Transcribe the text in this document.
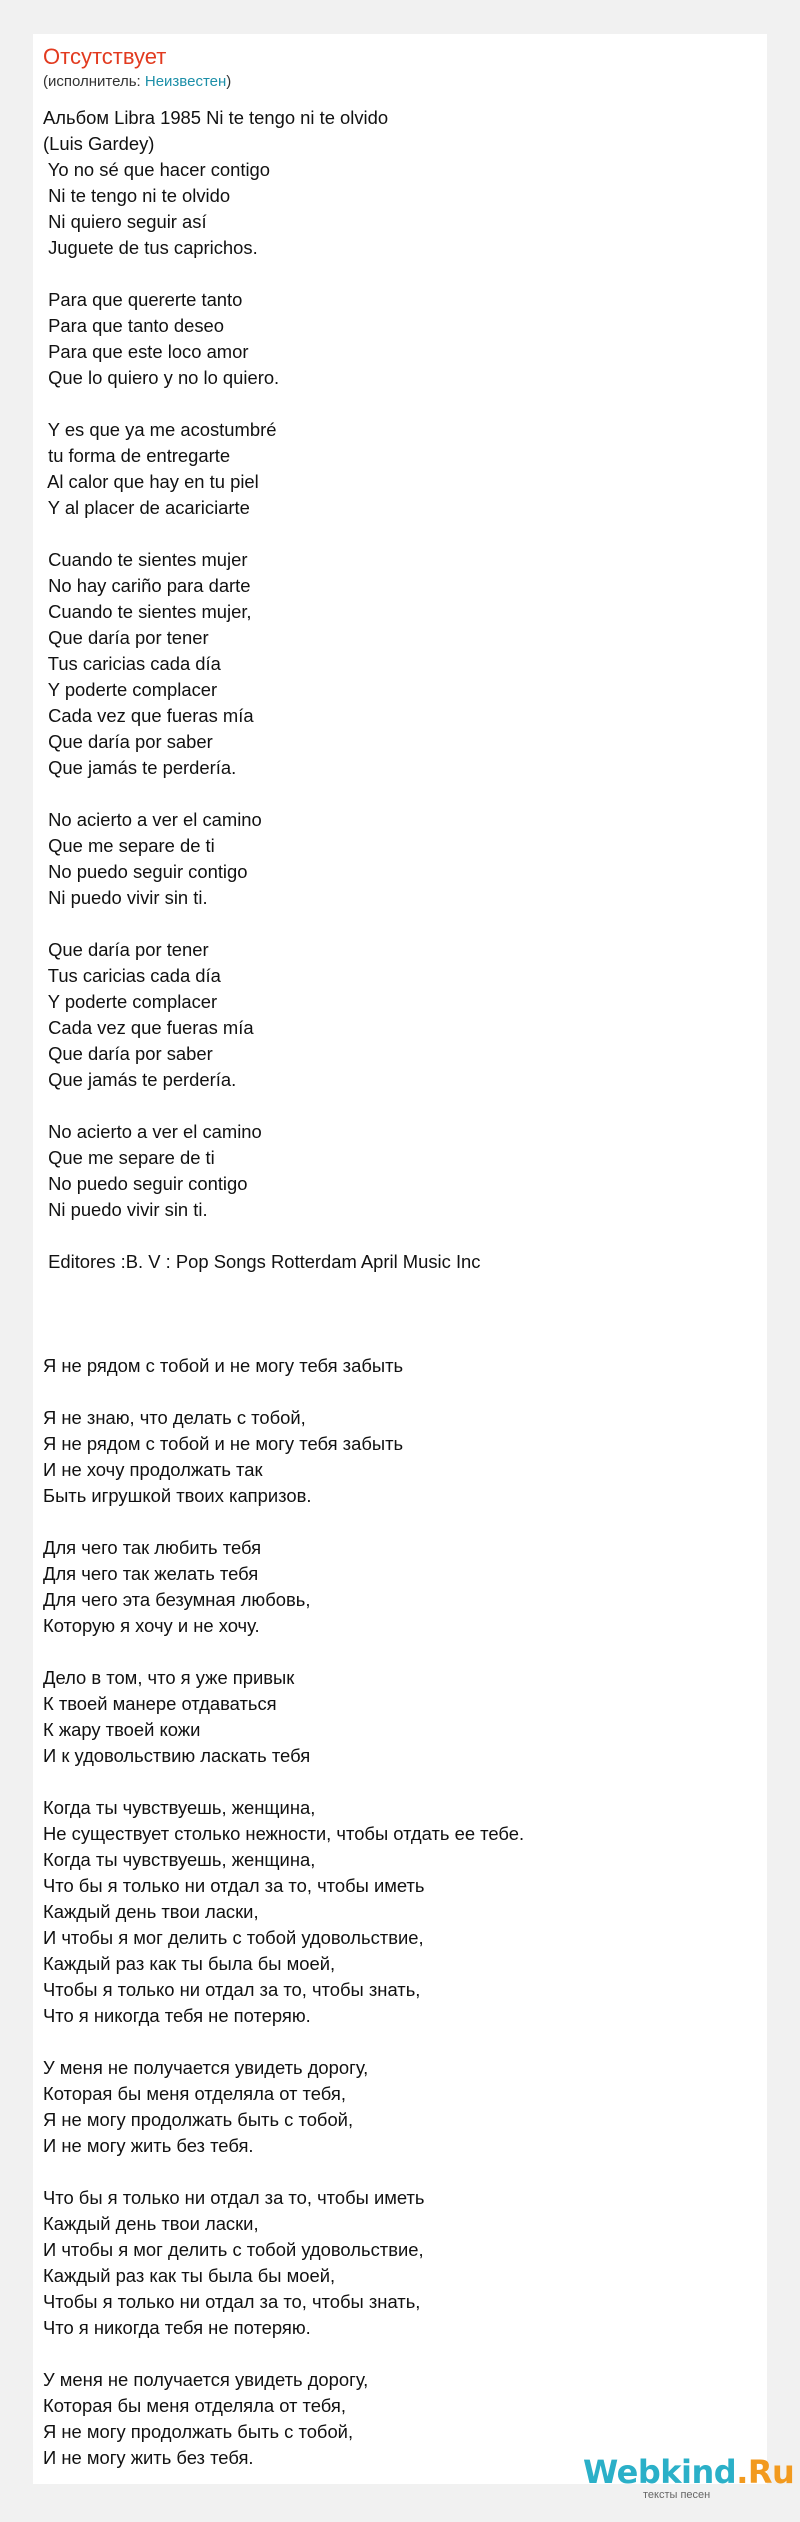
Отсутствует
(исполнитель: Неизвестен)
Альбом Libra 1985 Ni te tengo ni te olvido
(Luis Gardey)
Yo no sé que hacer contigo
Ni te tengo ni te olvido
Ni quiero seguir así
Juguete de tus caprichos.

Para que quererte tanto
Para que tanto deseo
Para que este loco amor
Que lo quiero y no lo quiero.

Y es que ya me acostumbré
tu forma de entregarte
Al calor que hay en tu piel
Y al placer de acariciarte

Cuando te sientes mujer
No hay cariño para darte
Cuando te sientes mujer,
Que daría por tener
Tus caricias cada día
Y poderte complacer
Cada vez que fueras mía
Que daría por saber
Que jamás te perdería.

No acierto a ver el camino
Que me separe de ti
No puedo seguir contigo
Ni puedo vivir sin ti.

Que daría por tener
Tus caricias cada día
Y poderte complacer
Cada vez que fueras mía
Que daría por saber
Que jamás te perdería.

No acierto a ver el camino
Que me separe de ti
No puedo seguir contigo
Ni puedo vivir sin ti.

Editores :B. V : Pop Songs Rotterdam April Music Inc

Я не рядом с тобой и не могу тебя забыть

Я не знаю, что делать с тобой,
Я не рядом с тобой и не могу тебя забыть
И не хочу продолжать так
Быть игрушкой твоих капризов.

Для чего так любить тебя
Для чего так желать тебя
Для чего эта безумная любовь,
Которую я хочу и не хочу.

Дело в том, что я уже привык
К твоей манере отдаваться
К жару твоей кожи
И к удовольствию ласкать тебя

Когда ты чувствуешь, женщина,
Не существует столько нежности, чтобы отдать ее тебе.
Когда ты чувствуешь, женщина,
Что бы я только ни отдал за то, чтобы иметь
Каждый день твои ласки,
И чтобы я мог делить с тобой удовольствие,
Каждый раз как ты была бы моей,
Чтобы я только ни отдал за то, чтобы знать,
Что я никогда тебя не потеряю.

У меня не получается увидеть дорогу,
Которая бы меня отделяла от тебя,
Я не могу продолжать быть с тобой,
И не могу жить без тебя.

Что бы я только ни отдал за то, чтобы иметь
Каждый день твои ласки,
И чтобы я мог делить с тобой удовольствие,
Каждый раз как ты была бы моей,
Чтобы я только ни отдал за то, чтобы знать,
Что я никогда тебя не потеряю.

У меня не получается увидеть дорогу,
Которая бы меня отделяла от тебя,
Я не могу продолжать быть с тобой,
И не могу жить без тебя.	Webkind.Ru
тексты песен
